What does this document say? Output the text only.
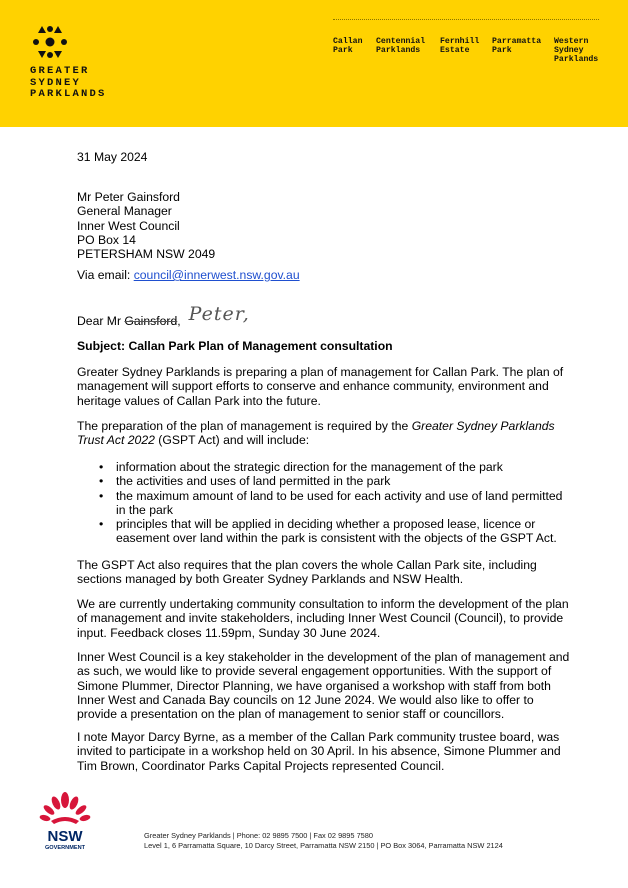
GREATER
SYDNEY
PARKLANDS
Callan
Park
Centennial
Parklands
Fernhill
Estate
Parramatta
Park
Western
Sydney
Parklands
31 May 2024
Mr Peter Gainsford
General Manager
Inner West Council
PO Box 14
PETERSHAM NSW 2049
Via email: council@innerwest.nsw.gov.au
Dear Mr Gainsford, Peter,
Subject: Callan Park Plan of Management consultation
Greater Sydney Parklands is preparing a plan of management for Callan Park. The plan of
management will support efforts to conserve and enhance community, environment and
heritage values of Callan Park into the future.
The preparation of the plan of management is required by the Greater Sydney Parklands
Trust Act 2022 (GSPT Act) and will include:
• information about the strategic direction for the management of the park
• the activities and uses of land permitted in the park
• the maximum amount of land to be used for each activity and use of land permitted
in the park
• principles that will be applied in deciding whether a proposed lease, licence or
easement over land within the park is consistent with the objects of the GSPT Act.
The GSPT Act also requires that the plan covers the whole Callan Park site, including
sections managed by both Greater Sydney Parklands and NSW Health.
We are currently undertaking community consultation to inform the development of the plan
of management and invite stakeholders, including Inner West Council (Council), to provide
input. Feedback closes 11.59pm, Sunday 30 June 2024.
Inner West Council is a key stakeholder in the development of the plan of management and
as such, we would like to provide several engagement opportunities. With the support of
Simone Plummer, Director Planning, we have organised a workshop with staff from both
Inner West and Canada Bay councils on 12 June 2024. We would also like to offer to
provide a presentation on the plan of management to senior staff or councillors.
I note Mayor Darcy Byrne, as a member of the Callan Park community trustee board, was
invited to participate in a workshop held on 30 April. In his absence, Simone Plummer and
Tim Brown, Coordinator Parks Capital Projects represented Council.
NSW
GOVERNMENT
Greater Sydney Parklands | Phone: 02 9895 7500 | Fax 02 9895 7580
Level 1, 6 Parramatta Square, 10 Darcy Street, Parramatta NSW 2150 | PO Box 3064, Parramatta NSW 2124
